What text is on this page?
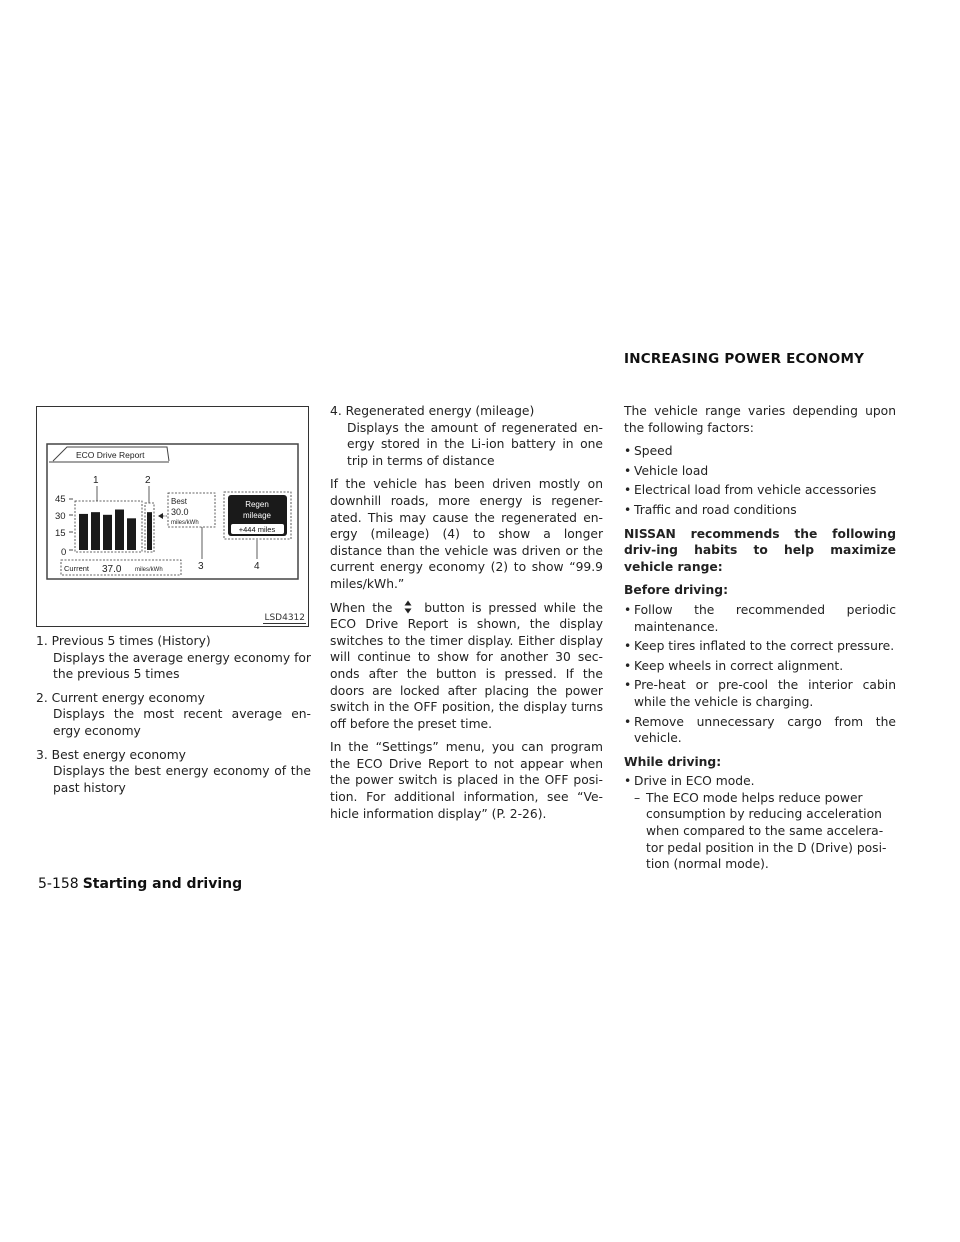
INCREASING POWER ECONOMY
ECO Drive Report
45
30
15
0
1	2
3	4
Best
30.0
miles/kWh
Regen
mileage
+444 miles
Current 37.0 miles/kWh
LSD4312

1. Previous 5 times (History)

Displays the average energy economy for the previous 5 times

2. Current energy economy

Displays the most recent average en-ergy economy

3. Best energy economy

Displays the best energy economy of the past history

4. Regenerated energy (mileage)

Displays the amount of regenerated en-ergy stored in the Li-ion battery in one trip in terms of distance

If the vehicle has been driven mostly on downhill roads, more energy is regener-ated. This may cause the regenerated en-ergy (mileage) (4) to show a longer distance than the vehicle was driven or the current energy economy (2) to show “99.9 miles/kWh.”

When the	button is pressed while the ECO Drive Report is shown, the display switches to the timer display. Either display will continue to show for another 30 sec-onds after the button is pressed. If the doors are locked after placing the power switch in the OFF position, the display turns off before the preset time.

In the “Settings” menu, you can program the ECO Drive Report to not appear when the power switch is placed in the OFF posi-tion. For additional information, see “Ve-hicle information display” (P. 2-26).

The vehicle range varies depending upon the following factors:

• Speed
• Vehicle load
• Electrical load from vehicle accessories
• Traffic and road conditions

NISSAN recommends the following driv-ing habits to help maximize vehicle range:

Before driving:

• Follow the recommended periodic maintenance.
• Keep tires inflated to the correct pressure.
• Keep wheels in correct alignment.
• Pre-heat or pre-cool the interior cabin while the vehicle is charging.
• Remove unnecessary cargo from the vehicle.

While driving:

• Drive in ECO mode.
– The ECO mode helps reduce power consumption by reducing acceleration when compared to the same accelera-tor pedal position in the D (Drive) posi-tion (normal mode).
5-158 Starting and driving
